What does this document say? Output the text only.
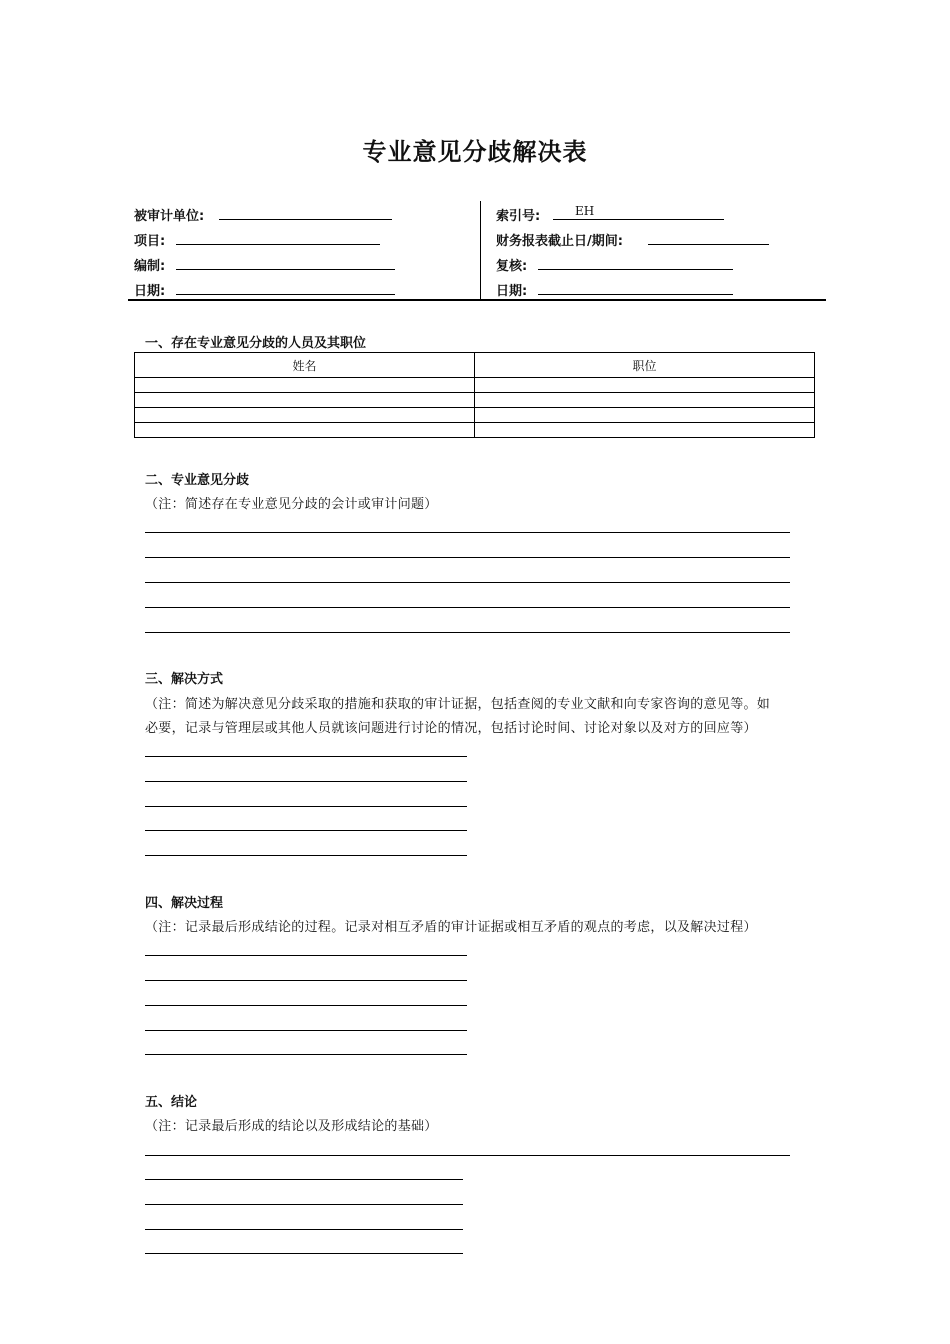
专业意见分歧解决表
被审计单位:
项目:
编制:
日期:
索引号:	EH
财务报表截止日/期间:
复核:
日期:
一、存在专业意见分歧的人员及其职位
姓名	职位

二、专业意见分歧
（注：简述存在专业意见分歧的会计或审计问题）
三、解决方式
（注：简述为解决意见分歧采取的措施和获取的审计证据，包括查阅的专业文献和向专家咨询的意见等。如
必要，记录与管理层或其他人员就该问题进行讨论的情况，包括讨论时间、讨论对象以及对方的回应等）
四、解决过程
（注：记录最后形成结论的过程。记录对相互矛盾的审计证据或相互矛盾的观点的考虑，以及解决过程）
五、结论
（注：记录最后形成的结论以及形成结论的基础）
